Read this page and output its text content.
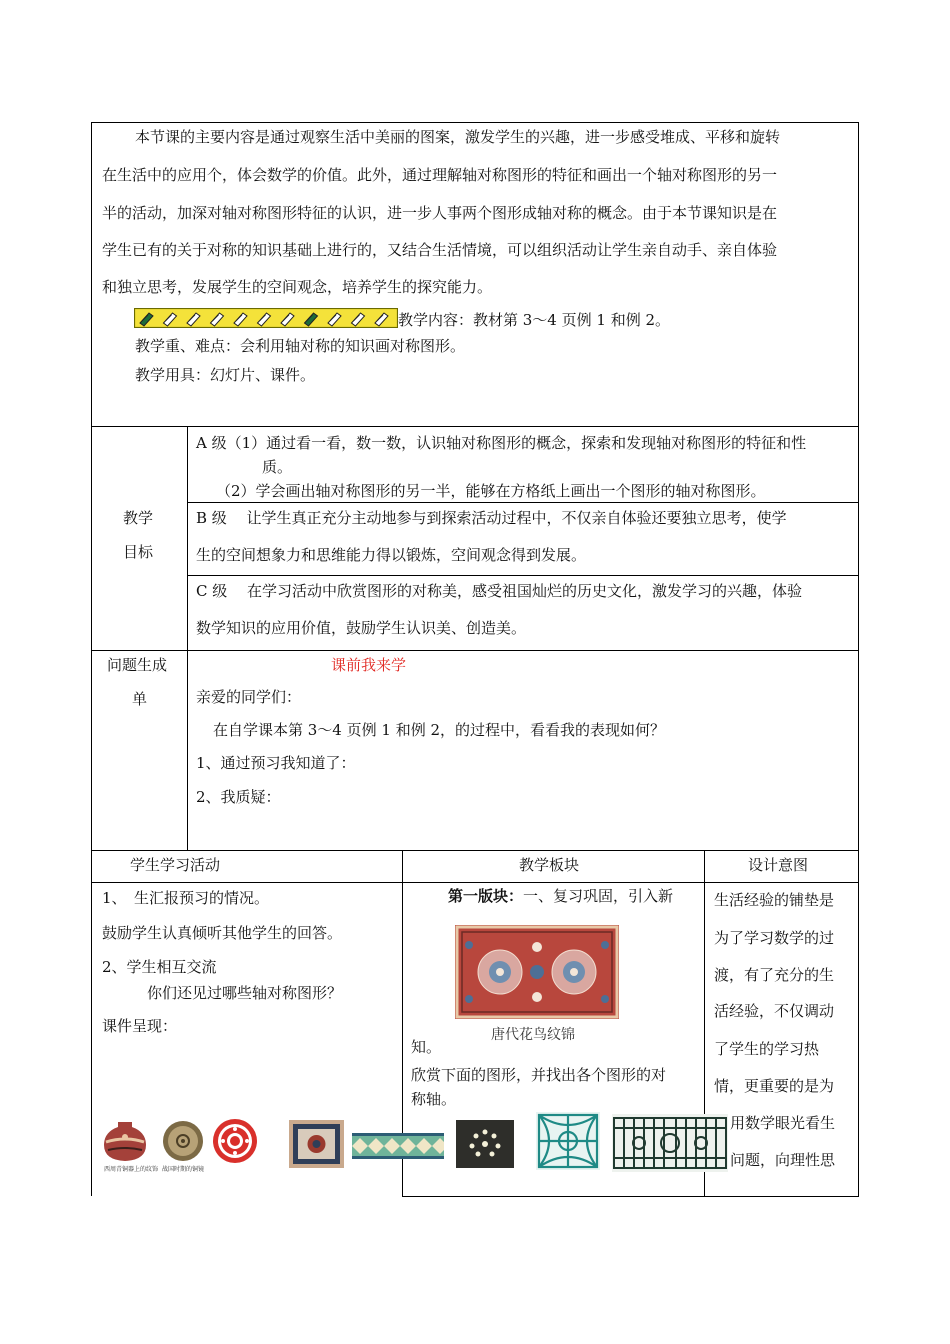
本节课的主要内容是通过观察生活中美丽的图案，激发学生的兴趣，进一步感受堆成、平移和旋转
在生活中的应用个，体会数学的价值。此外，通过理解轴对称图形的特征和画出一个轴对称图形的另一
半的活动，加深对轴对称图形特征的认识，进一步人事两个图形成轴对称的概念。由于本节课知识是在
学生已有的关于对称的知识基础上进行的，又结合生活情境，可以组织活动让学生亲自动手、亲自体验
和独立思考，发展学生的空间观念，培养学生的探究能力。
教学内容：教材第 3～4 页例 1 和例 2。
教学重、难点：会利用轴对称的知识画对称图形。
教学用具：幻灯片、课件。
教学
目标
A 级（1）通过看一看，数一数，认识轴对称图形的概念，探索和发现轴对称图形的特征和性
质。
（2）学会画出轴对称图形的另一半，能够在方格纸上画出一个图形的轴对称图形。
B 级　 让学生真正充分主动地参与到探索活动过程中，不仅亲自体验还要独立思考，使学
生的空间想象力和思维能力得以锻炼，空间观念得到发展。
C 级　 在学习活动中欣赏图形的对称美，感受祖国灿烂的历史文化，激发学习的兴趣，体验
数学知识的应用价值，鼓励学生认识美、创造美。
问题生成
单
课前我来学
亲爱的同学们：
在自学课本第 3～4 页例 1 和例 2，的过程中，看看我的表现如何？
1、通过预习我知道了：
2、我质疑：
学生学习活动	教学板块	设计意图
1、　生汇报预习的情况。
鼓励学生认真倾听其他学生的回答。
2、学生相互交流
你们还见过哪些轴对称图形？
课件呈现：
第一版块：一、复习巩固，引入新
唐代花鸟纹锦
知。
欣赏下面的图形，并找出各个图形的对
称轴。
生活经验的铺垫是
为了学习数学的过
渡，有了充分的生
活经验，不仅调动
了学生的学习热
情，更重要的是为
用数学眼光看生
问题，向理性思
西周青铜器上的纹饰 战国时期的铜镜
